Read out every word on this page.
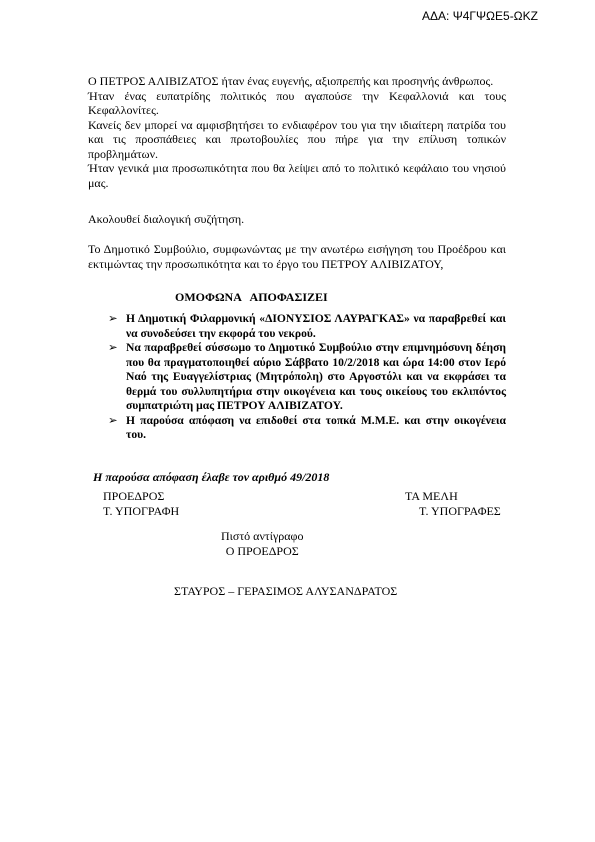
ΑΔΑ: Ψ4ΓΨΩΕ5-ΩΚΖ
Ο ΠΕΤΡΟΣ ΑΛΙΒΙΖΑΤΟΣ ήταν ένας ευγενής, αξιοπρεπής και προσηνής άνθρωπος.
Ήταν ένας ευπατρίδης πολιτικός που αγαπούσε την Κεφαλλονιά και τους Κεφαλλονίτες.
Κανείς δεν μπορεί να αμφισβητήσει το ενδιαφέρον του για την ιδιαίτερη πατρίδα του και τις προσπάθειες και πρωτοβουλίες που πήρε για την επίλυση τοπικών προβλημάτων.
Ήταν γενικά μια προσωπικότητα που θα λείψει από το πολιτικό κεφάλαιο του νησιού μας.
Ακολουθεί διαλογική συζήτηση.
Το Δημοτικό Συμβούλιο, συμφωνώντας με την ανωτέρω εισήγηση του Προέδρου και
εκτιμώντας την προσωπικότητα και το έργο του ΠΕΤΡΟΥ ΑΛΙΒΙΖΑΤΟΥ,
ΟΜΟΦΩΝΑ ΑΠΟΦΑΣΙΖΕΙ
➢ Η Δημοτική Φιλαρμονική «ΔΙΟΝΥΣΙΟΣ ΛΑΥΡΑΓΚΑΣ» να παραβρεθεί και να συνοδεύσει την εκφορά του νεκρού.
➢ Να παραβρεθεί σύσσωμο το Δημοτικό Συμβούλιο στην επιμνημόσυνη δέηση που θα πραγματοποιηθεί αύριο Σάββατο 10/2/2018 και ώρα 14:00 στον Ιερό Ναό της Ευαγγελίστριας (Μητρόπολη) στο Αργοστόλι και να εκφράσει τα θερμά του συλλυπητήρια στην οικογένεια και τους οικείους του εκλιπόντος συμπατριώτη μας ΠΕΤΡΟΥ ΑΛΙΒΙΖΑΤΟΥ.
➢ Η παρούσα απόφαση να επιδοθεί στα τοπκά Μ.Μ.Ε. και στην οικογένεια του.
Η παρούσα απόφαση έλαβε τον αριθμό 49/2018
ΠΡΟΕΔΡΟΣ
Τ. ΥΠΟΓΡΑΦΗ
ΤΑ ΜΕΛΗ
Τ. ΥΠΟΓΡΑΦΕΣ
Πιστό αντίγραφο
Ο ΠΡΟΕΔΡΟΣ
ΣΤΑΥΡΟΣ – ΓΕΡΑΣΙΜΟΣ ΑΛΥΣΑΝΔΡΑΤΟΣ
